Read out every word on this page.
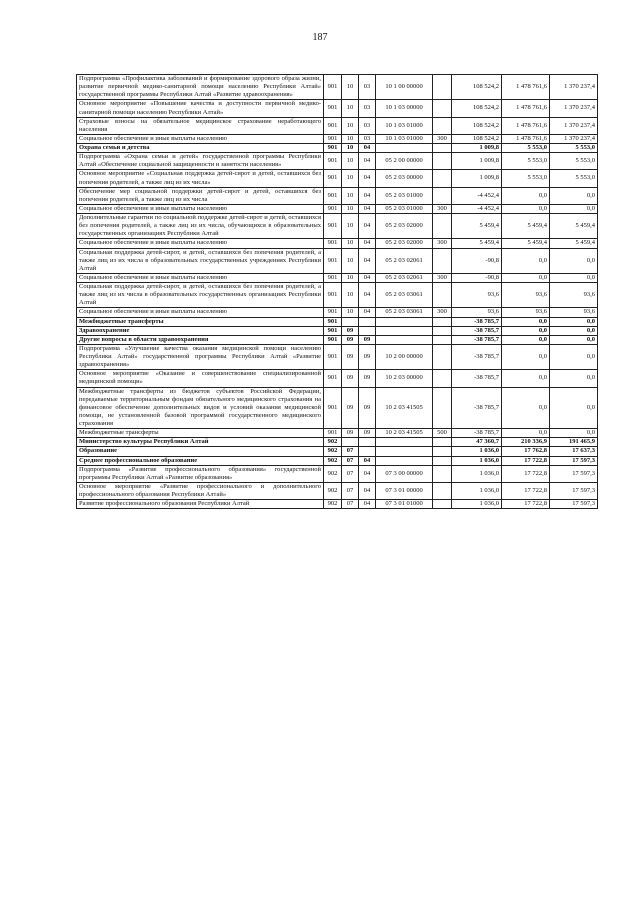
187
Подпрограмма «Профилактика заболеваний и формирование здорового образа жизни, развитие первичной медико-санитарной помощи населению Республики Алтай» государственной программы Республики Алтай «Развитие здравоохранения»	901	10	03	10 1 00 00000		108 524,2	1 478 761,6	1 370 237,4
Основное мероприятие «Повышение качества и доступности первичной медико-санитарной помощи населению Республики Алтай»	901	10	03	10 1 03 00000		108 524,2	1 478 761,6	1 370 237,4
Страховые взносы на обязательное медицинское страхование неработающего населения	901	10	03	10 1 03 01000		108 524,2	1 478 761,6	1 370 237,4
Социальное обеспечение и иные выплаты населению	901	10	03	10 1 03 01000	300	108 524,2	1 478 761,6	1 370 237,4
Охрана семьи и детства	901	10	04			1 009,8	5 553,0	5 553,0
Подпрограмма «Охрана семьи и детей» государственной программы Республики Алтай «Обеспечение социальной защищенности и занятости населения»	901	10	04	05 2 00 00000		1 009,8	5 553,0	5 553,0
Основное мероприятие «Социальная поддержка детей-сирот и детей, оставшихся без попечения родителей, а также лиц из их числа»	901	10	04	05 2 03 00000		1 009,8	5 553,0	5 553,0
Обеспечение мер социальной поддержки детей-сирот и детей, оставшихся без попечения родителей, а также лиц из их числа	901	10	04	05 2 03 01000		-4 452,4	0,0	0,0
Социальное обеспечение и иные выплаты населению	901	10	04	05 2 03 01000	300	-4 452,4	0,0	0,0
Дополнительные гарантии по социальной поддержке детей-сирот и детей, оставшихся без попечения родителей, а также лиц из их числа, обучающихся в образовательных государственных организациях Республики Алтай	901	10	04	05 2 03 02000		5 459,4	5 459,4	5 459,4
Социальное обеспечение и иные выплаты населению	901	10	04	05 2 03 02000	300	5 459,4	5 459,4	5 459,4
Социальная поддержка детей-сирот, и детей, оставшихся без попечения родителей, а также лиц из их числа в образовательных государственных учреждениях Республики Алтай	901	10	04	05 2 03 02061		-90,8	0,0	0,0
Социальное обеспечение и иные выплаты населению	901	10	04	05 2 03 02061	300	-90,8	0,0	0,0
Социальная поддержка детей-сирот, и детей, оставшихся без попечения родителей, а также лиц из их числа в образовательных государственных организациях Республики Алтай	901	10	04	05 2 03 03061		93,6	93,6	93,6
Социальное обеспечение и иные выплаты населению	901	10	04	05 2 03 03061	300	93,6	93,6	93,6
Межбюджетные трансферты	901					-38 785,7	0,0	0,0
Здравоохранение	901	09				-38 785,7	0,0	0,0
Другие вопросы в области здравоохранения	901	09	09			-38 785,7	0,0	0,0
Подпрограмма «Улучшение качества оказания медицинской помощи населению Республики Алтай» государственной программы Республики Алтай «Развитие здравоохранения»	901	09	09	10 2 00 00000		-38 785,7	0,0	0,0
Основное мероприятие «Оказание и совершенствование специализированной медицинской помощи»	901	09	09	10 2 03 00000		-38 785,7	0,0	0,0
Межбюджетные трансферты из бюджетов субъектов Российской Федерации, передаваемые территориальным фондам обязательного медицинского страхования на финансовое обеспечение дополнительных видов и условий оказания медицинской помощи, не установленной базовой программой государственного медицинского страхования	901	09	09	10 2 03 41505		-38 785,7	0,0	0,0
Межбюджетные трансферты	901	09	09	10 2 03 41505	500	-38 785,7	0,0	0,0
Министерство культуры Республики Алтай	902					47 360,7	210 336,9	191 465,9
Образование	902	07				1 036,0	17 762,8	17 637,3
Среднее профессиональное образование	902	07	04			1 036,0	17 722,8	17 597,3
Подпрограмма «Развитие профессионального образования» государственной программы Республики Алтай «Развитие образования»	902	07	04	07 3 00 00000		1 036,0	17 722,8	17 597,3
Основное мероприятие «Развитие профессионального и дополнительного профессионального образования Республики Алтай»	902	07	04	07 3 01 00000		1 036,0	17 722,8	17 597,3
Развитие профессионального образования Республики Алтай	902	07	04	07 3 01 01000		1 036,0	17 722,8	17 597,3
